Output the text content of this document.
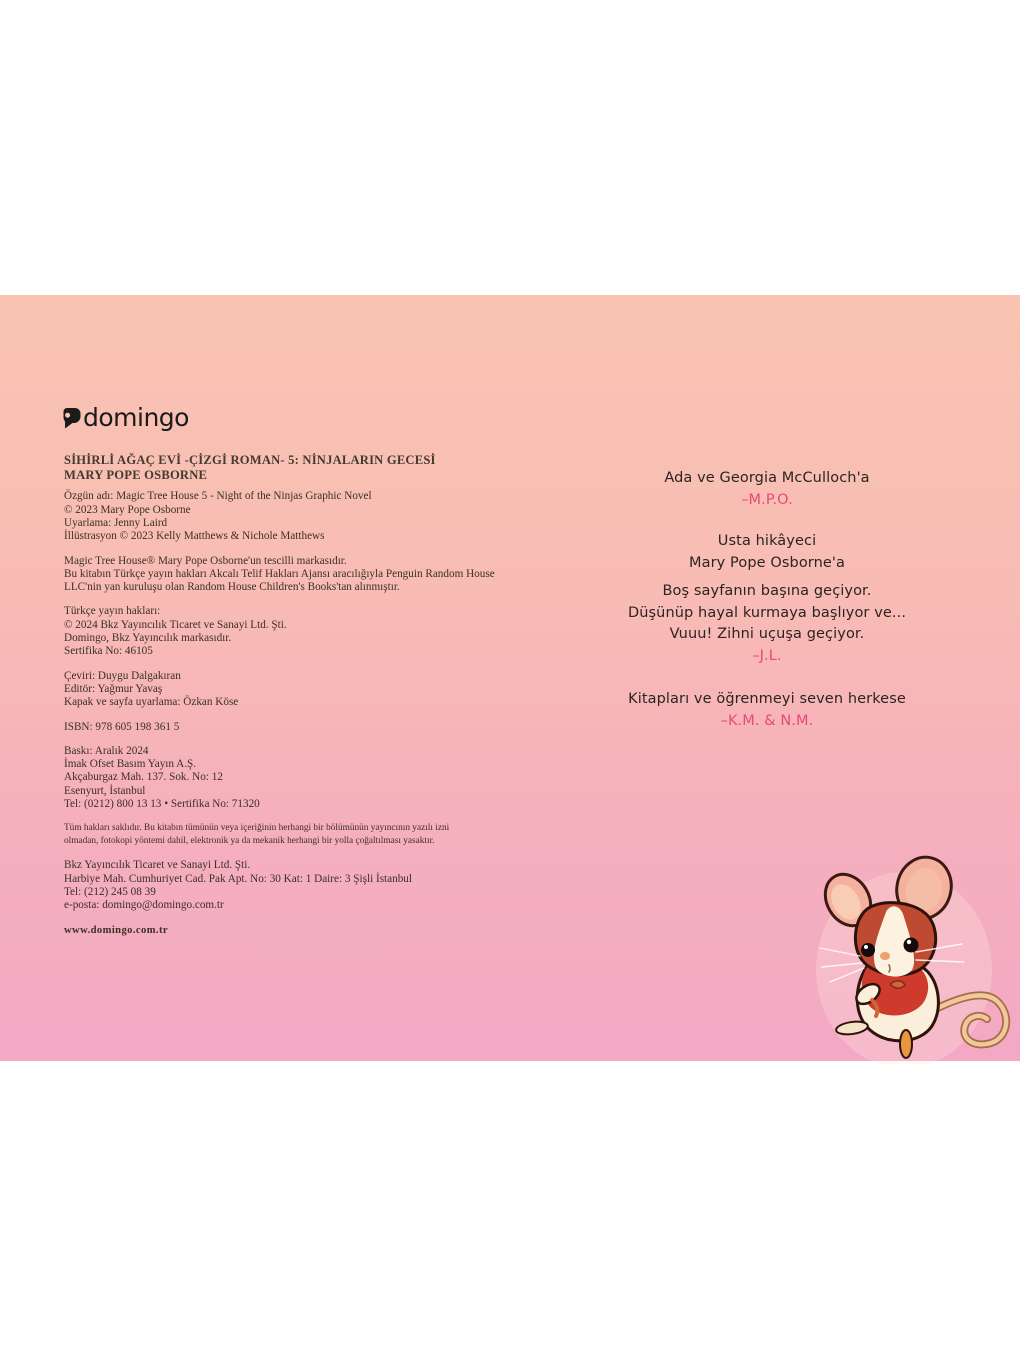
domingo
SİHİRLİ AĞAÇ EVİ -ÇİZGİ ROMAN- 5: NİNJALARIN GECESİ
MARY POPE OSBORNE
Özgün adı: Magic Tree House 5 - Night of the Ninjas Graphic Novel
© 2023 Mary Pope Osborne
Uyarlama: Jenny Laird
İllüstrasyon © 2023 Kelly Matthews & Nichole Matthews
Magic Tree House® Mary Pope Osborne'un tescilli markasıdır.
Bu kitabın Türkçe yayın hakları Akcalı Telif Hakları Ajansı aracılığıyla Penguin Random House
LLC'nin yan kuruluşu olan Random House Children's Books'tan alınmıştır.
Türkçe yayın hakları:
© 2024 Bkz Yayıncılık Ticaret ve Sanayi Ltd. Şti.
Domingo, Bkz Yayıncılık markasıdır.
Sertifika No: 46105
Çeviri: Duygu Dalgakıran
Editör: Yağmur Yavaş
Kapak ve sayfa uyarlama: Özkan Köse
ISBN: 978 605 198 361 5
Baskı: Aralık 2024
İmak Ofset Basım Yayın A.Ş.
Akçaburgaz Mah. 137. Sok. No: 12
Esenyurt, İstanbul
Tel: (0212) 800 13 13 • Sertifika No: 71320
Tüm hakları saklıdır. Bu kitabın tümünün veya içeriğinin herhangi bir bölümünün yayıncının yazılı izni
olmadan, fotokopi yöntemi dahil, elektronik ya da mekanik herhangi bir yolla çoğaltılması yasaktır.
Bkz Yayıncılık Ticaret ve Sanayi Ltd. Şti.
Harbiye Mah. Cumhuriyet Cad. Pak Apt. No: 30 Kat: 1 Daire: 3 Şişli İstanbul
Tel: (212) 245 08 39
e-posta: domingo@domingo.com.tr
www.domingo.com.tr
Ada ve Georgia McCulloch'a
–M.P.O.
Usta hikâyeci
Mary Pope Osborne'a
Boş sayfanın başına geçiyor.
Düşünüp hayal kurmaya başlıyor ve...
Vuuu! Zihni uçuşa geçiyor.
–J.L.
Kitapları ve öğrenmeyi seven herkese
–K.M. & N.M.
